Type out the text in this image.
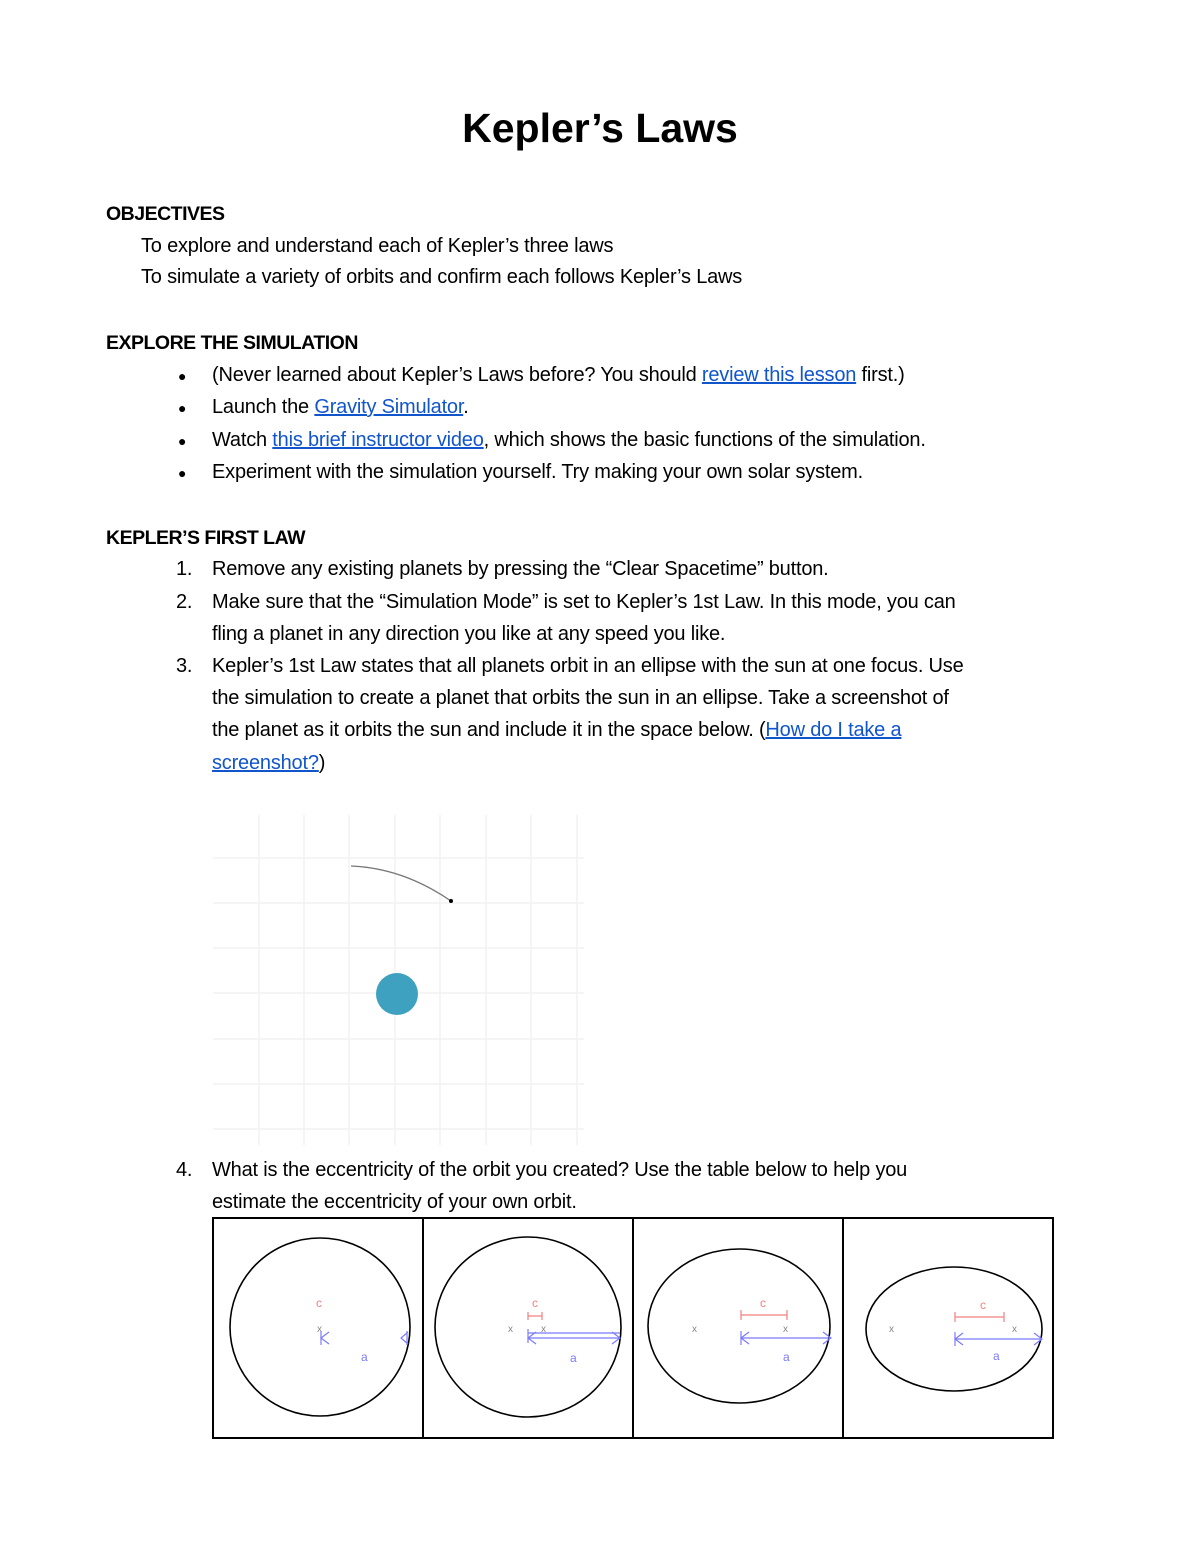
Kepler’s Laws
OBJECTIVES
To explore and understand each of Kepler’s three laws
To simulate a variety of orbits and confirm each follows Kepler’s Laws
EXPLORE THE SIMULATION
● (Never learned about Kepler’s Laws before? You should review this lesson first.)
● Launch the Gravity Simulator.
● Watch this brief instructor video, which shows the basic functions of the simulation.
● Experiment with the simulation yourself. Try making your own solar system.
KEPLER’S FIRST LAW
1. Remove any existing planets by pressing the “Clear Spacetime” button.
2. Make sure that the “Simulation Mode” is set to Kepler’s 1st Law. In this mode, you can
fling a planet in any direction you like at any speed you like.
3. Kepler’s 1st Law states that all planets orbit in an ellipse with the sun at one focus. Use
the simulation to create a planet that orbits the sun in an ellipse. Take a screenshot of
the planet as it orbits the sun and include it in the space below. (How do I take a
screenshot?)
4. What is the eccentricity of the orbit you created? Use the table below to help you
estimate the eccentricity of your own orbit.
c
x
a

c
x	x
a

c
x	x
a

c
x	x
a
